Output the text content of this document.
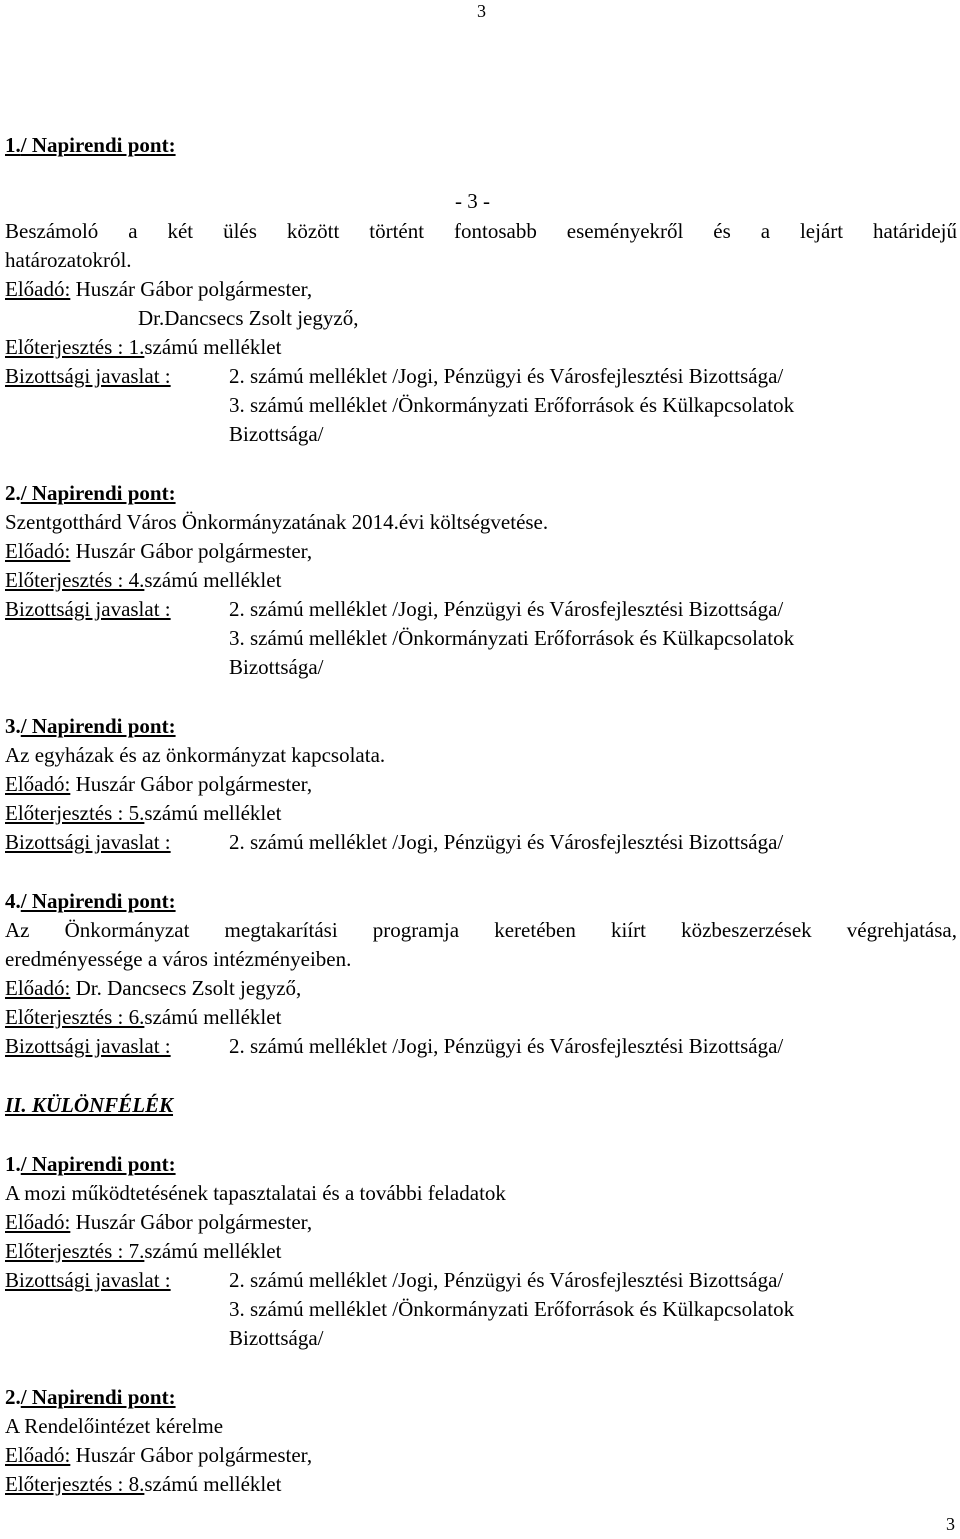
3
- 3 -
3
1./ Napirendi pont:
Beszámoló a két ülés között történt fontosabb eseményekről és a lejárt határidejű
határozatokról.
Előadó: Huszár Gábor polgármester,
Dr.Dancsecs Zsolt jegyző,
Előterjesztés : 1.számú melléklet
Bizottsági javaslat :	2. számú melléklet /Jogi, Pénzügyi és Városfejlesztési Bizottsága/
3. számú melléklet /Önkormányzati Erőforrások és Külkapcsolatok
Bizottsága/
2./ Napirendi pont:
Szentgotthárd Város Önkormányzatának 2014.évi költségvetése.
Előadó: Huszár Gábor polgármester,
Előterjesztés : 4.számú melléklet
Bizottsági javaslat :	2. számú melléklet /Jogi, Pénzügyi és Városfejlesztési Bizottsága/
3. számú melléklet /Önkormányzati Erőforrások és Külkapcsolatok
Bizottsága/
3./ Napirendi pont:
Az egyházak és az önkormányzat kapcsolata.
Előadó: Huszár Gábor polgármester,
Előterjesztés : 5.számú melléklet
Bizottsági javaslat :	2. számú melléklet /Jogi, Pénzügyi és Városfejlesztési Bizottsága/
4./ Napirendi pont:
Az Önkormányzat megtakarítási programja keretében kiírt közbeszerzések végrehjatása,
eredményessége a város intézményeiben.
Előadó: Dr. Dancsecs Zsolt jegyző,
Előterjesztés : 6.számú melléklet
Bizottsági javaslat :	2. számú melléklet /Jogi, Pénzügyi és Városfejlesztési Bizottsága/
II. KÜLÖNFÉLÉK
1./ Napirendi pont:
A mozi működtetésének tapasztalatai és a további feladatok
Előadó: Huszár Gábor polgármester,
Előterjesztés : 7.számú melléklet
Bizottsági javaslat :	2. számú melléklet /Jogi, Pénzügyi és Városfejlesztési Bizottsága/
3. számú melléklet /Önkormányzati Erőforrások és Külkapcsolatok
Bizottsága/
2./ Napirendi pont:
A Rendelőintézet kérelme
Előadó: Huszár Gábor polgármester,
Előterjesztés : 8.számú melléklet
